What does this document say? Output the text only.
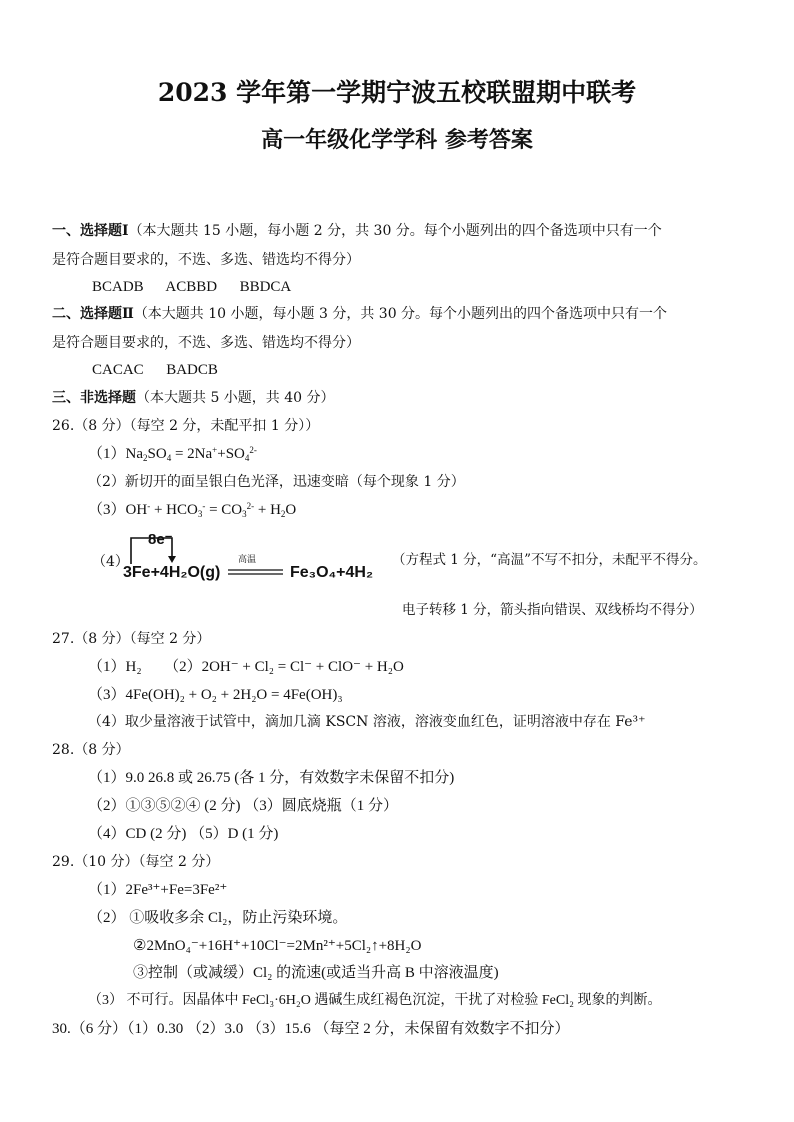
2023 学年第一学期宁波五校联盟期中联考
高一年级化学学科 参考答案
一、选择题Ⅰ（本大题共 15 小题，每小题 2 分，共 30 分。每个小题列出的四个备选项中只有一个
是符合题目要求的，不选、多选、错选均不得分）
BCADB ACBBD BBDCA
二、选择题Ⅱ（本大题共 10 小题，每小题 3 分，共 30 分。每个小题列出的四个备选项中只有一个
是符合题目要求的，不选、多选、错选均不得分）
CACAC BADCB
三、非选择题（本大题共 5 小题，共 40 分）
26.（8 分）（每空 2 分，未配平扣 1 分））
$(1)Na_2SO_4 = 2Na^++SO_4^{2-}$
（2）新切开的面呈银白色光泽，迅速变暗（每个现象 1 分）
$(3)OH^- + HCO_3^- = CO_3^{2-} + H_2O$
（4）
8e⁻
3Fe+4H₂O(g)
高温
Fe₃O₄+4H₂
（方程式 1 分，“高温”不写不扣分，未配平不得分。
电子转移 1 分，箭头指向错误、双线桥均不得分）
27.（8 分）（每空 2 分）
（1）H₂ （2）2OH⁻ + Cl₂ = Cl⁻ + ClO⁻ + H₂O
（3）4Fe(OH)₂ + O₂ + 2H₂O = 4Fe(OH)₃
（4）取少量溶液于试管中，滴加几滴 KSCN 溶液，溶液变血红色，证明溶液中存在 Fe³⁺
28.（8 分）
（1）9.0 26.8 或 26.75 (各 1 分，有效数字未保留不扣分)
（2）①③⑤②④ (2 分) （3）圆底烧瓶（1 分）
（4）CD (2 分) （5）D (1 分)
29.（10 分）（每空 2 分）
（1）2Fe³⁺+Fe=3Fe²⁺
（2） ①吸收多余 Cl₂，防止污染环境。
②2MnO₄⁻+16H⁺+10Cl⁻=2Mn²⁺+5Cl₂↑+8H₂O
③控制（或减缓）Cl₂ 的流速(或适当升高 B 中溶液温度)
（3） 不可行。因晶体中 FeCl₃·6H₂O 遇碱生成红褐色沉淀，干扰了对检验 FeCl₂ 现象的判断。
30.（6 分）（1）0.30 （2）3.0 （3）15.6 （每空 2 分，未保留有效数字不扣分）
